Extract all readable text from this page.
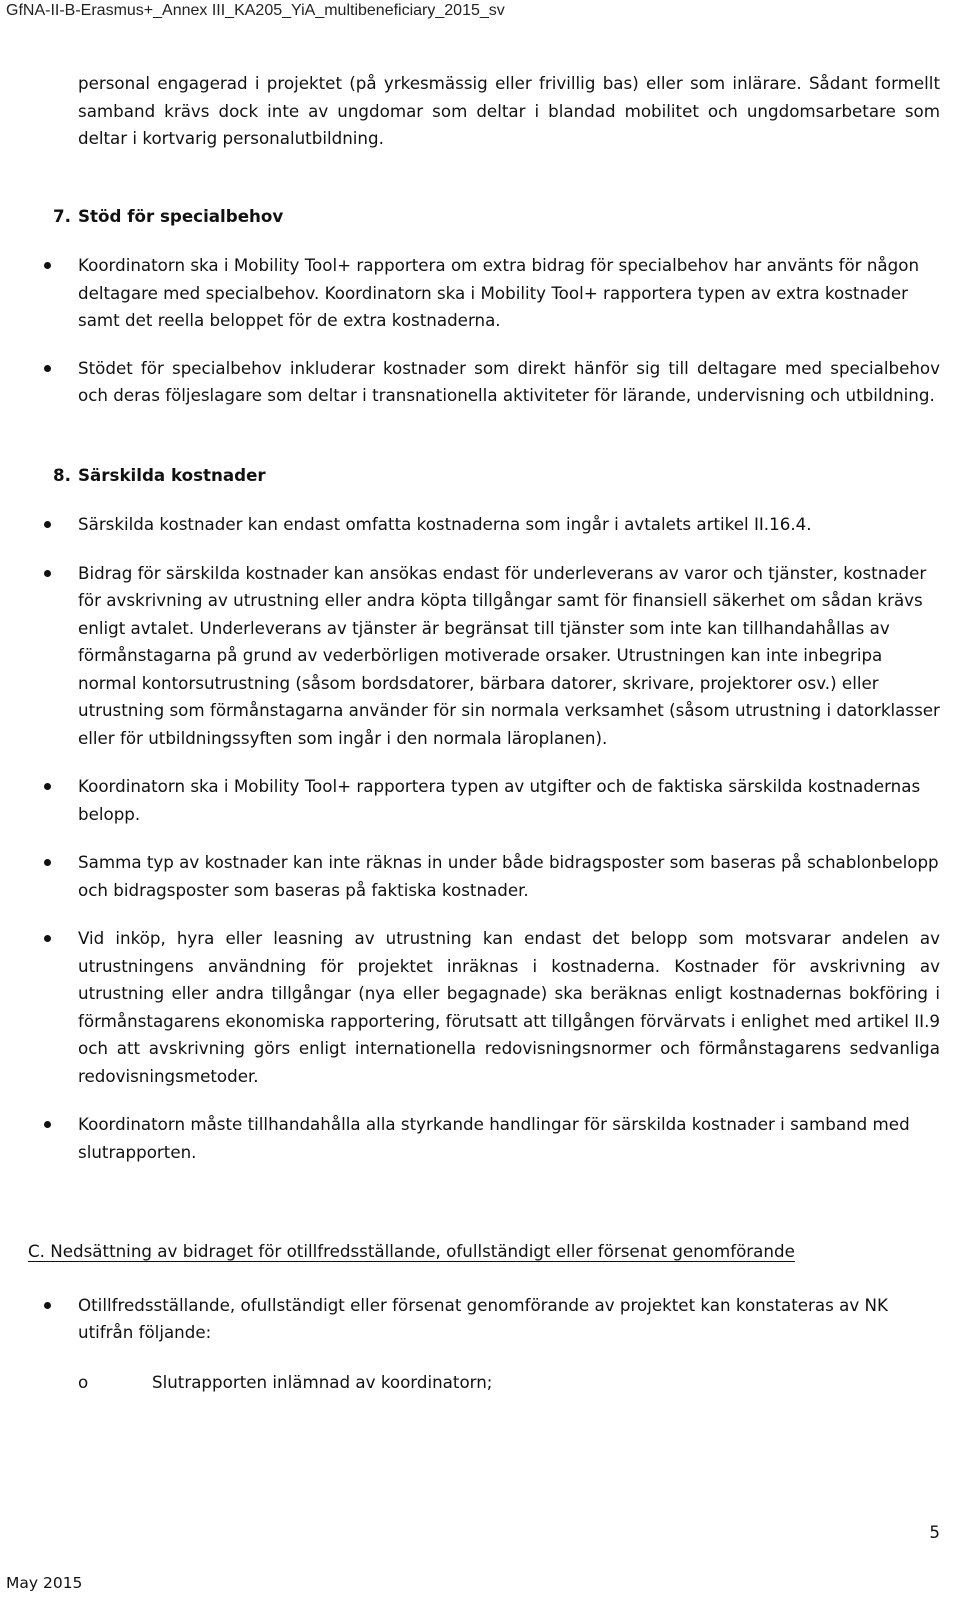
GfNA-II-B-Erasmus+_Annex III_KA205_YiA_multibeneficiary_2015_sv

personal engagerad i projektet (på yrkesmässig eller frivillig bas) eller som inlärare. Sådant formellt samband krävs dock inte av ungdomar som deltar i blandad mobilitet och ungdomsarbetare som deltar i kortvarig personalutbildning.

7. Stöd för specialbehov

Koordinatorn ska i Mobility Tool+ rapportera om extra bidrag för specialbehov har använts för någon deltagare med specialbehov. Koordinatorn ska i Mobility Tool+ rapportera typen av extra kostnader samt det reella beloppet för de extra kostnaderna.
Stödet för specialbehov inkluderar kostnader som direkt hänför sig till deltagare med specialbehov och deras följeslagare som deltar i transnationella aktiviteter för lärande, undervisning och utbildning.

8. Särskilda kostnader

Särskilda kostnader kan endast omfatta kostnaderna som ingår i avtalets artikel II.16.4.
Bidrag för särskilda kostnader kan ansökas endast för underleverans av varor och tjänster, kostnader för avskrivning av utrustning eller andra köpta tillgångar samt för finansiell säkerhet om sådan krävs enligt avtalet. Underleverans av tjänster är begränsat till tjänster som inte kan tillhandahållas av förmånstagarna på grund av vederbörligen motiverade orsaker. Utrustningen kan inte inbegripa normal kontorsutrustning (såsom bordsdatorer, bärbara datorer, skrivare, projektorer osv.) eller utrustning som förmånstagarna använder för sin normala verksamhet (såsom utrustning i datorklasser eller för utbildningssyften som ingår i den normala läroplanen).
Koordinatorn ska i Mobility Tool+ rapportera typen av utgifter och de faktiska särskilda kostnadernas belopp.
Samma typ av kostnader kan inte räknas in under både bidragsposter som baseras på schablonbelopp och bidragsposter som baseras på faktiska kostnader.
Vid inköp, hyra eller leasning av utrustning kan endast det belopp som motsvarar andelen av utrustningens användning för projektet inräknas i kostnaderna. Kostnader för avskrivning av utrustning eller andra tillgångar (nya eller begagnade) ska beräknas enligt kostnadernas bokföring i förmånstagarens ekonomiska rapportering, förutsatt att tillgången förvärvats i enlighet med artikel II.9 och att avskrivning görs enligt internationella redovisningsnormer och förmånstagarens sedvanliga redovisningsmetoder.
Koordinatorn måste tillhandahålla alla styrkande handlingar för särskilda kostnader i samband med slutrapporten.

C. Nedsättning av bidraget för otillfredsställande, ofullständigt eller försenat genomförande

Otillfredsställande, ofullständigt eller försenat genomförande av projektet kan konstateras av NK utifrån följande:
o	Slutrapporten inlämnad av koordinatorn;
5
May 2015
